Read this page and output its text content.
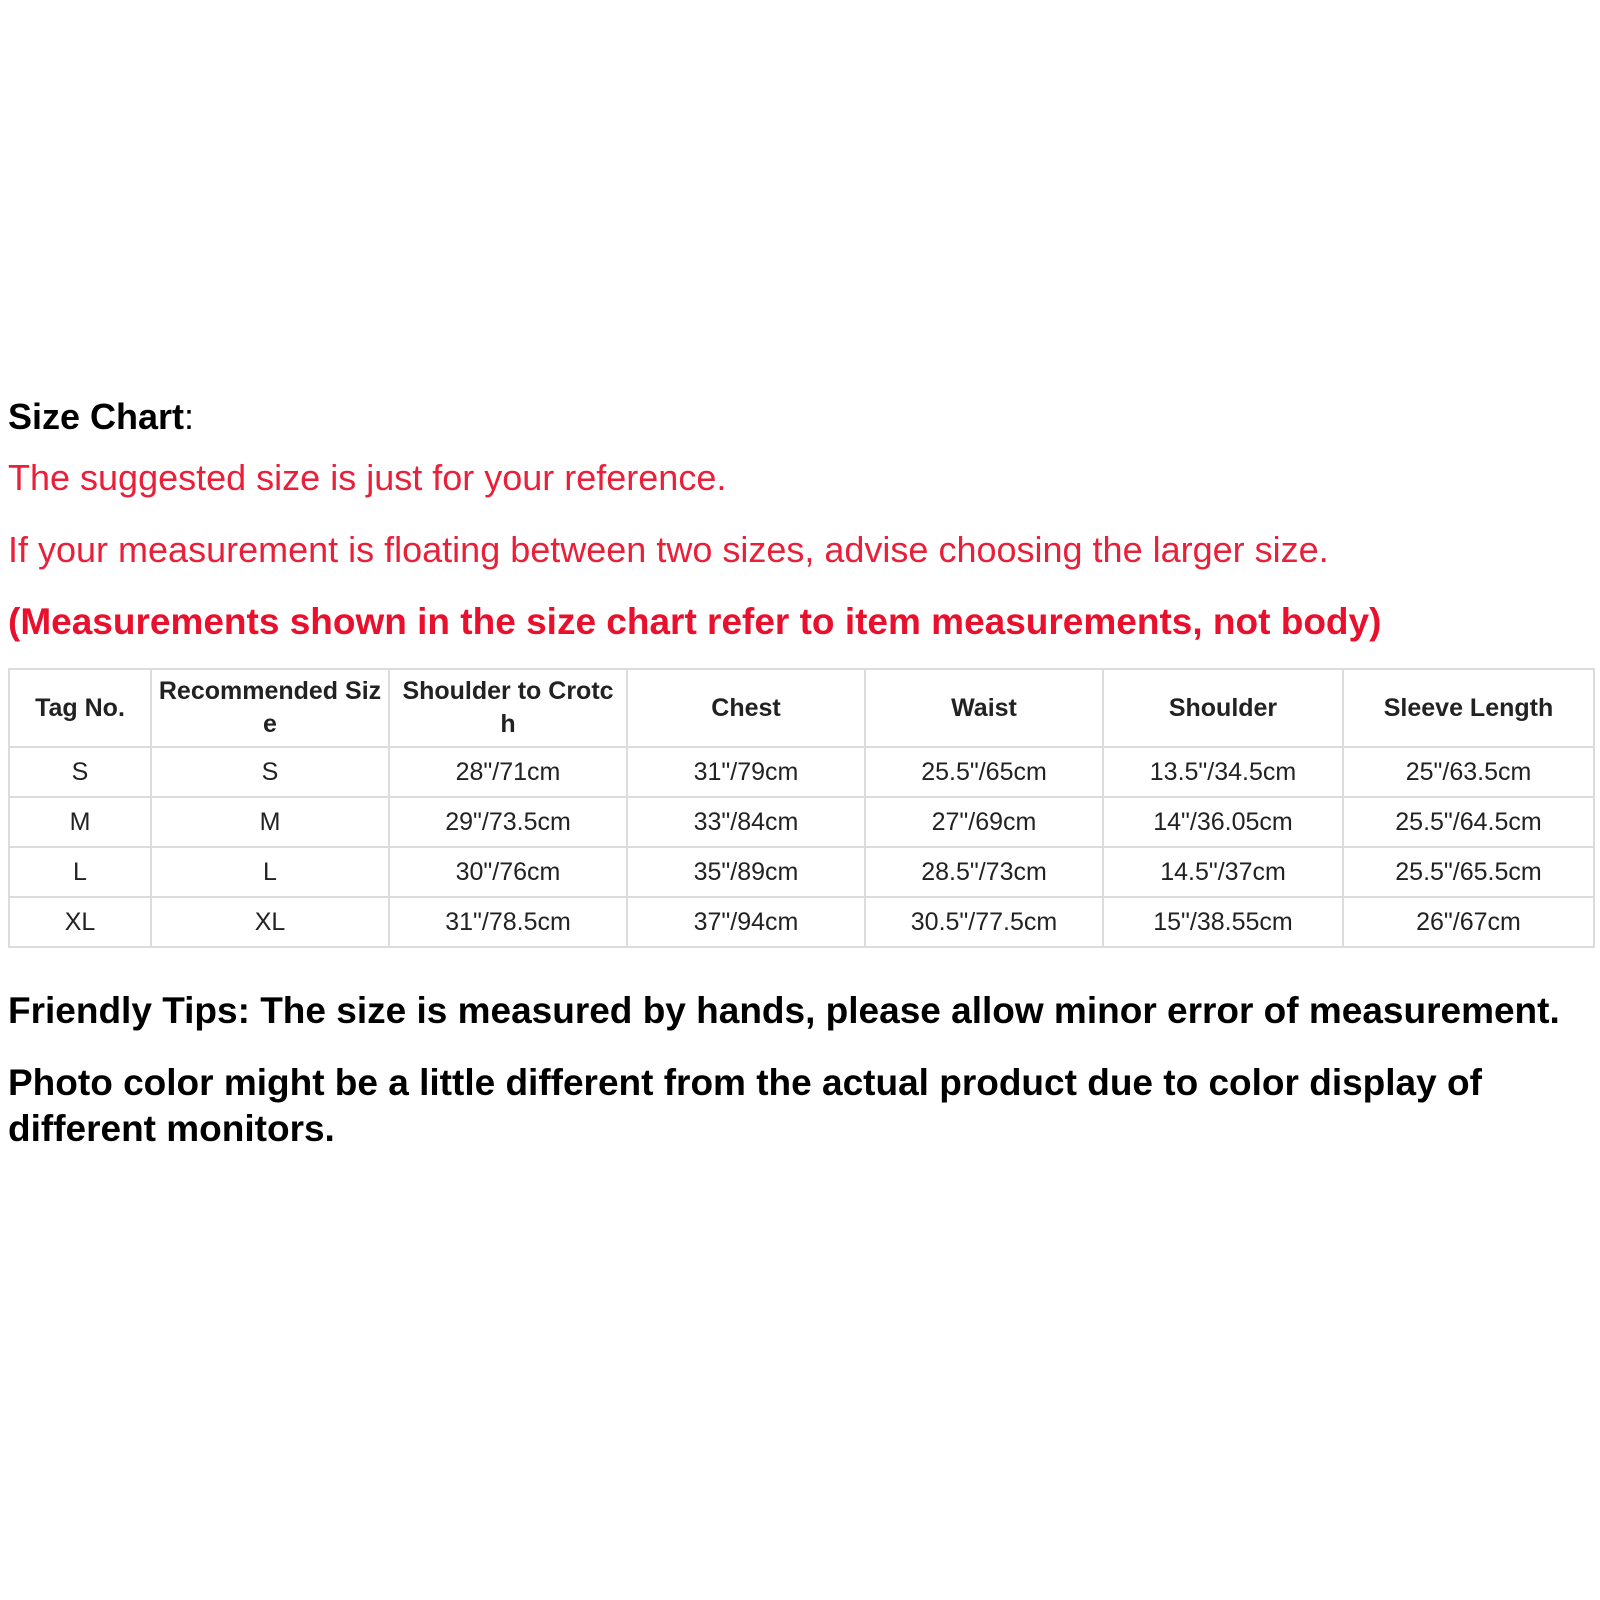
Size Chart:

The suggested size is just for your reference.

If your measurement is floating between two sizes, advise choosing the larger size.

(Measurements shown in the size chart refer to item measurements, not body)

Tag No.	Recommended Size	Shoulder to Crotch	Chest	Waist	Shoulder	Sleeve Length
S	S	28"/71cm	31"/79cm	25.5"/65cm	13.5"/34.5cm	25"/63.5cm
M	M	29"/73.5cm	33"/84cm	27"/69cm	14"/36.05cm	25.5"/64.5cm
L	L	30"/76cm	35"/89cm	28.5"/73cm	14.5"/37cm	25.5"/65.5cm
XL	XL	31"/78.5cm	37"/94cm	30.5"/77.5cm	15"/38.55cm	26"/67cm

Friendly Tips: The size is measured by hands, please allow minor error of measurement.

Photo color might be a little different from the actual product due to color display of different monitors.
